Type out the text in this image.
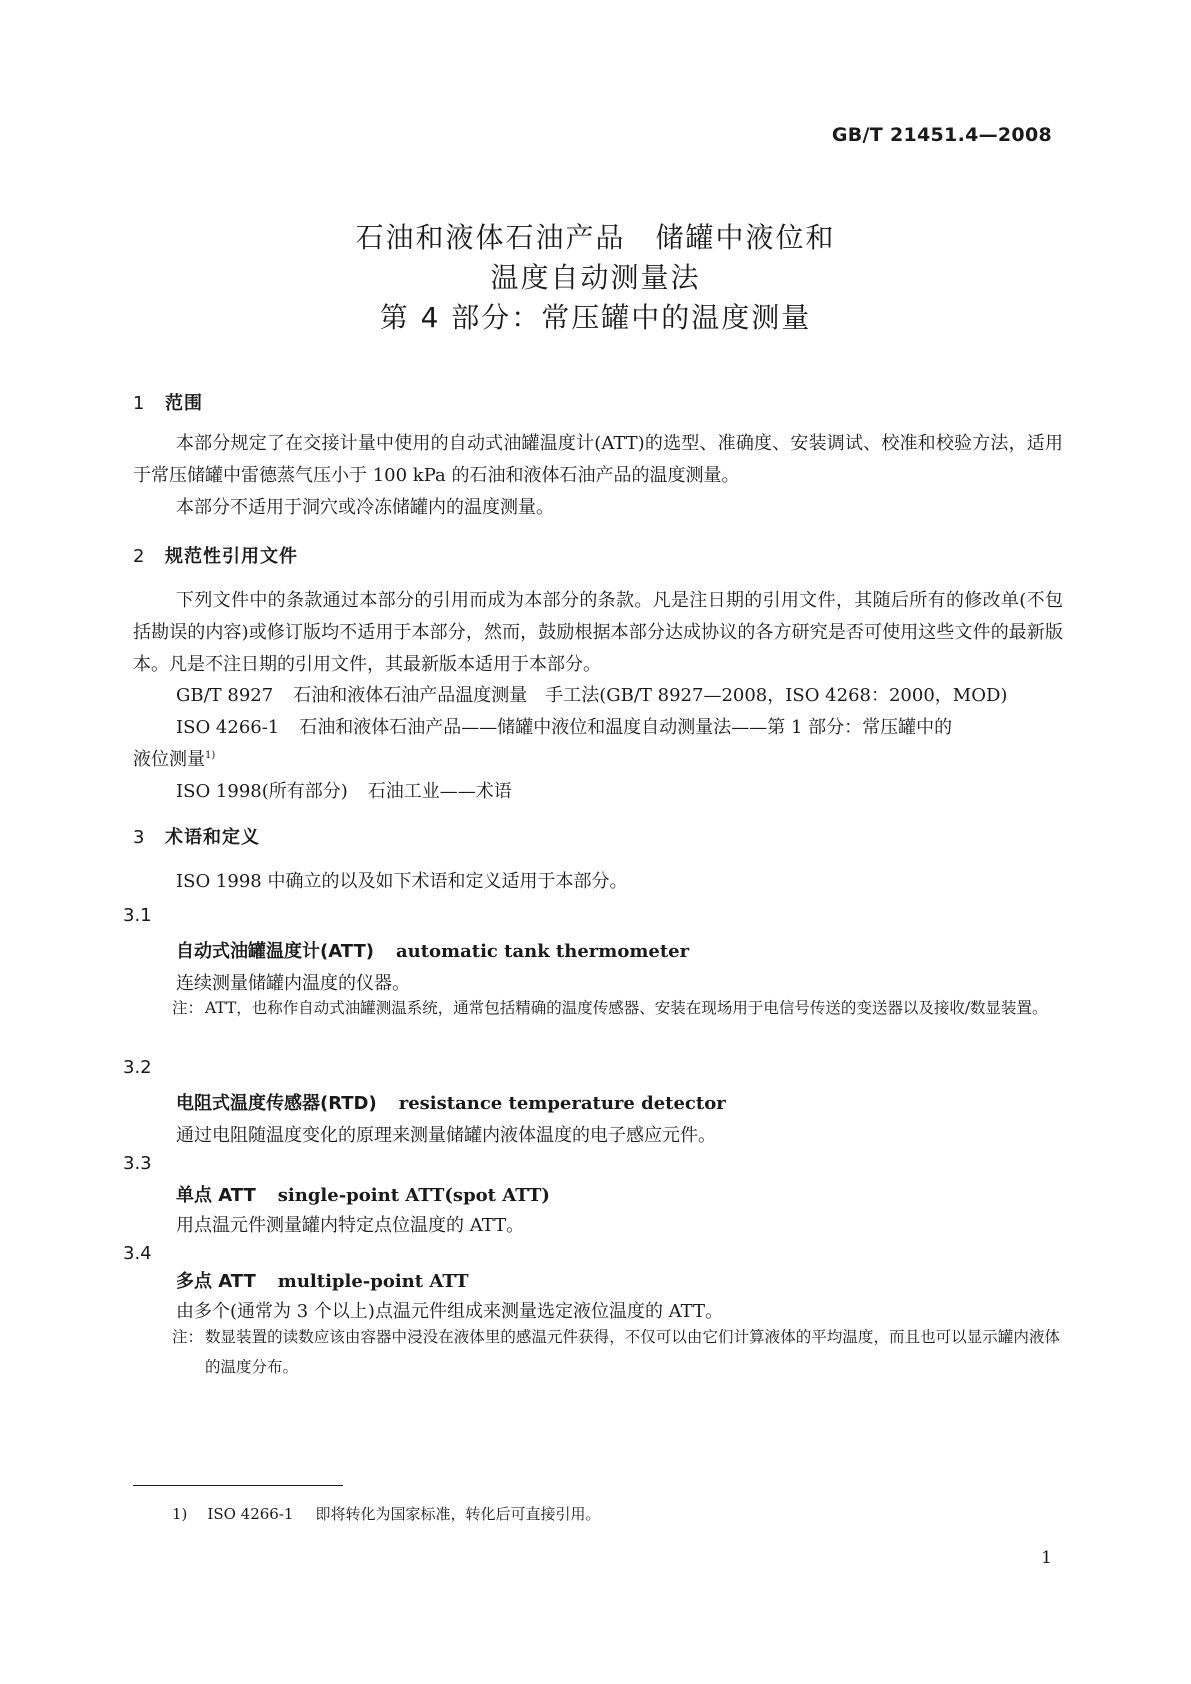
GB/T 21451.4—2008
石油和液体石油产品　储罐中液位和
温度自动测量法
第 4 部分：常压罐中的温度测量
1 范围
本部分规定了在交接计量中使用的自动式油罐温度计(ATT)的选型、准确度、安装调试、校准和校验方法，适用于常压储罐中雷德蒸气压小于 100 kPa 的石油和液体石油产品的温度测量。
本部分不适用于洞穴或冷冻储罐内的温度测量。
2 规范性引用文件
下列文件中的条款通过本部分的引用而成为本部分的条款。凡是注日期的引用文件，其随后所有的修改单(不包括勘误的内容)或修订版均不适用于本部分，然而，鼓励根据本部分达成协议的各方研究是否可使用这些文件的最新版本。凡是不注日期的引用文件，其最新版本适用于本部分。
GB/T 8927 石油和液体石油产品温度测量　手工法(GB/T 8927—2008，ISO 4268：2000，MOD)
ISO 4266-1 石油和液体石油产品——储罐中液位和温度自动测量法——第 1 部分：常压罐中的
液位测量$^{1)}$
ISO 1998(所有部分) 石油工业——术语
3 术语和定义
ISO 1998 中确立的以及如下术语和定义适用于本部分。
3.1
自动式油罐温度计(ATT) automatic tank thermometer
连续测量储罐内温度的仪器。
注： ATT，也称作自动式油罐测温系统，通常包括精确的温度传感器、安装在现场用于电信号传送的变送器以及接收/数显装置。
3.2
电阻式温度传感器(RTD) resistance temperature detector
通过电阻随温度变化的原理来测量储罐内液体温度的电子感应元件。
3.3
单点 ATT single-point ATT(spot ATT)
用点温元件测量罐内特定点位温度的 ATT。
3.4
多点 ATT multiple-point ATT
由多个(通常为 3 个以上)点温元件组成来测量选定液位温度的 ATT。
注： 数显装置的读数应该由容器中浸没在液体里的感温元件获得，不仅可以由它们计算液体的平均温度，而且也可以显示罐内液体的温度分布。
1) ISO 4266-1 即将转化为国家标准，转化后可直接引用。
1
